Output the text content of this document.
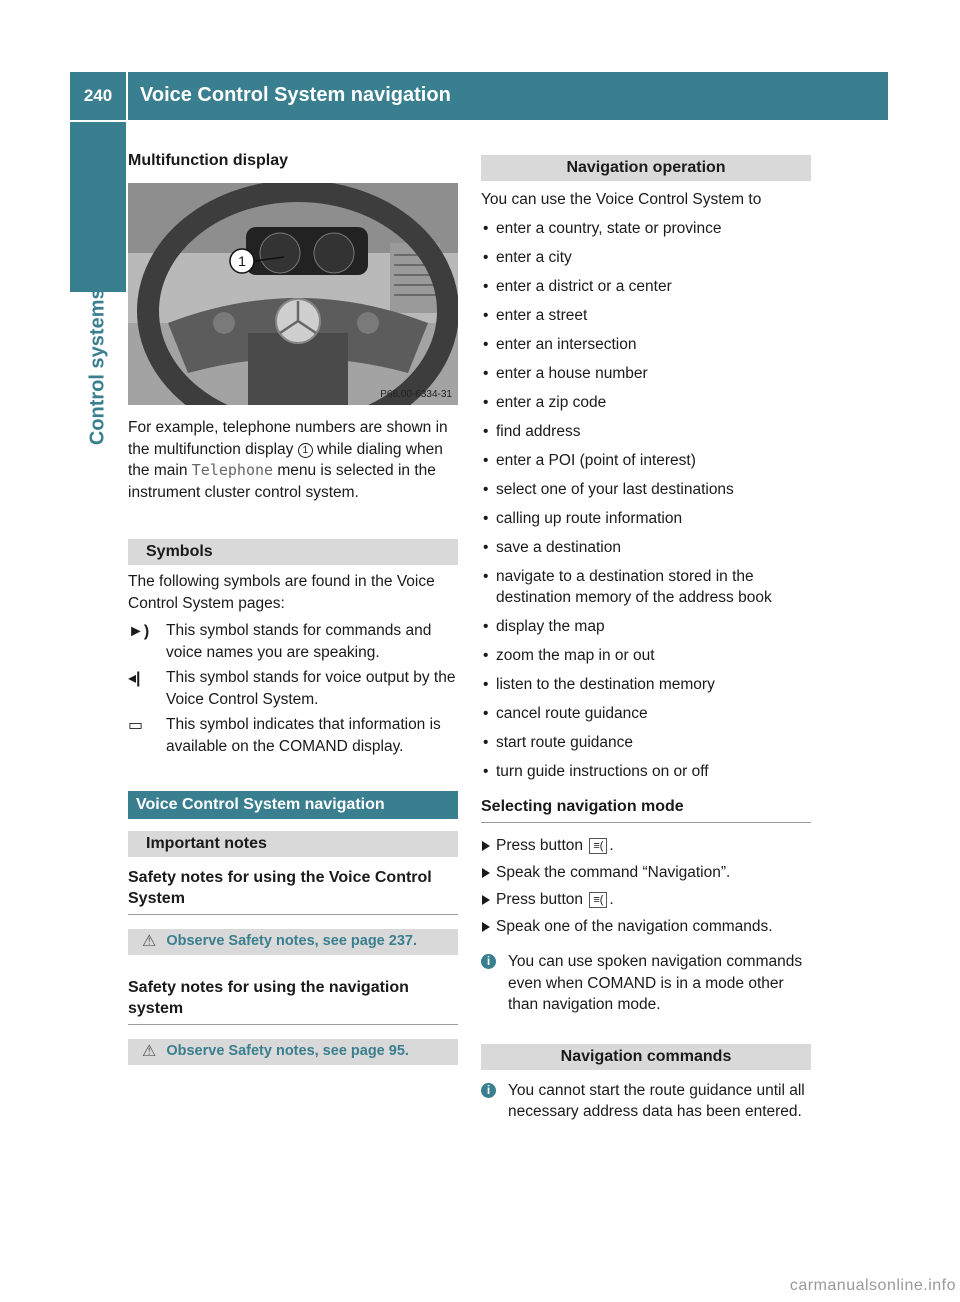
240	Voice Control System navigation
Control systems
Multifunction display
1
P68.00-6334-31

For example, telephone numbers are shown in the multifunction display 1 while dialing when the main Telephone menu is selected in the instrument cluster control system.

Symbols

The following symbols are found in the Voice Control System pages:

►)	This symbol stands for commands and voice names you are speaking.
◂|	This symbol stands for voice output by the Voice Control System.
▭	This symbol indicates that information is available on the COMAND display.
Voice Control System navigation
Important notes
Safety notes for using the Voice Control System
⚠ Observe Safety notes, see page 237.
Safety notes for using the navigation system
⚠ Observe Safety notes, see page 95.
Navigation operation

You can use the Voice Control System to

• enter a country, state or province
• enter a city
• enter a district or a center
• enter a street
• enter an intersection
• enter a house number
• enter a zip code
• find address
• enter a POI (point of interest)
• select one of your last destinations
• calling up route information
• save a destination
• navigate to a destination stored in the destination memory of the address book
• display the map
• zoom the map in or out
• listen to the destination memory
• cancel route guidance
• start route guidance
• turn guide instructions on or off
Selecting navigation mode
Press button ≡( .
Speak the command “Navigation”.
Press button ≡( .
Speak one of the navigation commands.
i	You can use spoken navigation commands even when COMAND is in a mode other than navigation mode.

Navigation commands
i	You cannot start the route guidance until all necessary address data has been entered.

carmanualsonline.info
